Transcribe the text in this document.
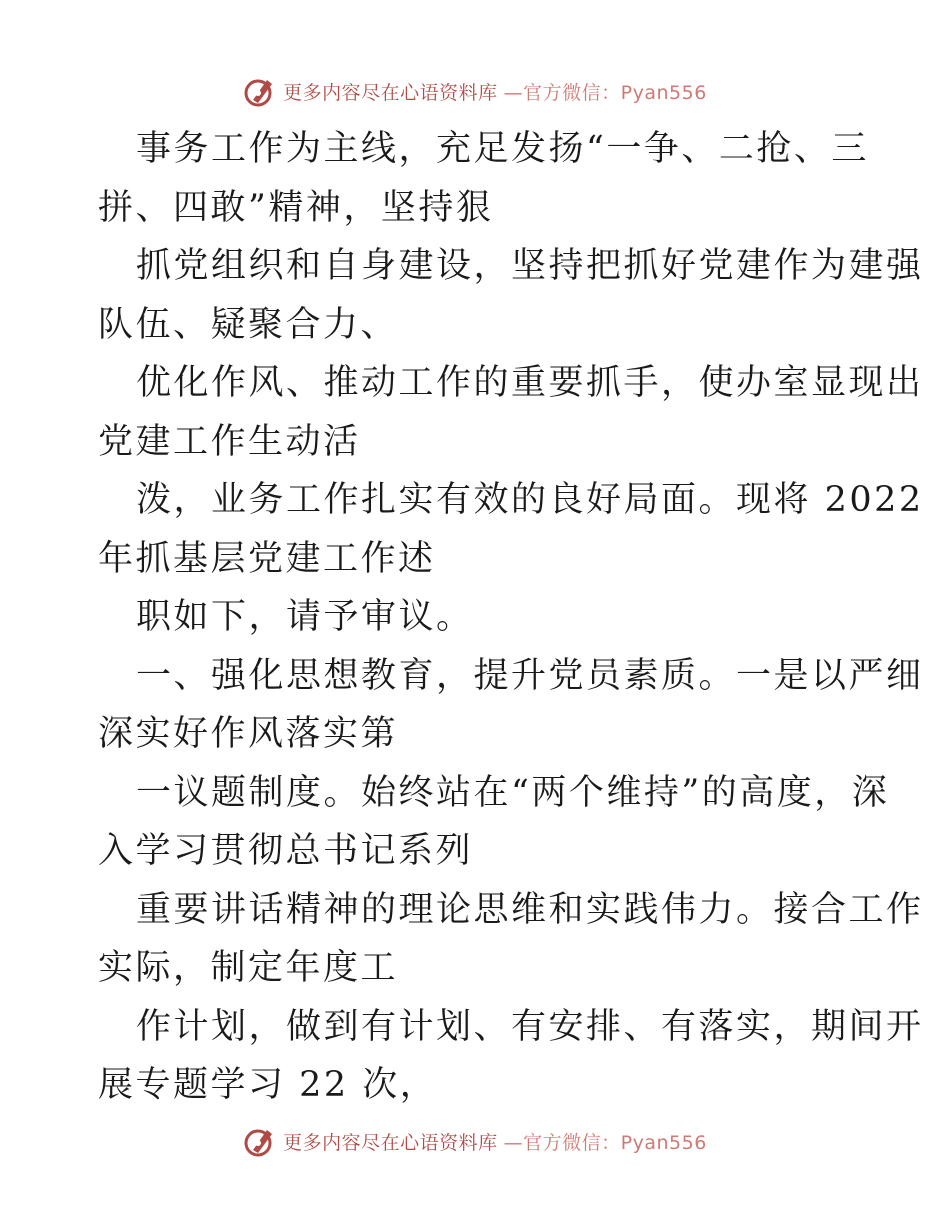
更多内容尽在心语资料库 —官方微信：Pyan556

事务工作为主线，充足发扬“一争、二抢、三
拼、四敢”精神，坚持狠

抓党组织和自身建设，坚持把抓好党建作为建强
队伍、疑聚合力、

优化作风、推动工作的重要抓手，使办室显现出
党建工作生动活

泼，业务工作扎实有效的良好局面。现将 2022
年抓基层党建工作述

职如下，请予审议。

一、强化思想教育，提升党员素质。一是以严细
深实好作风落实第

一议题制度。始终站在“两个维持”的高度，深
入学习贯彻总书记系列

重要讲话精神的理论思维和实践伟力。接合工作
实际，制定年度工

作计划，做到有计划、有安排、有落实，期间开
展专题学习 22 次，

更多内容尽在心语资料库 —官方微信：Pyan556
